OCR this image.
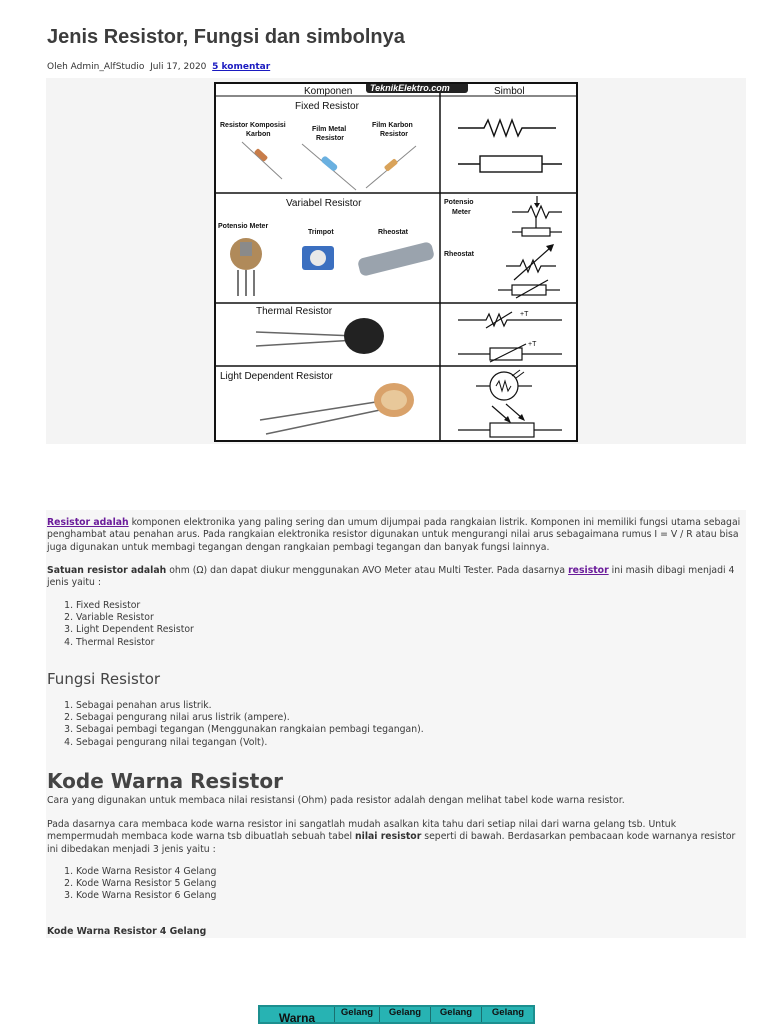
Jenis Resistor, Fungsi dan simbolnya
Oleh Admin_AlfStudio Juli 17, 2020 5 komentar
Komponen	Simbol
TeknikElektro.com
Fixed Resistor
Resistor Komposisi Karbon
Film Metal Resistor
Film Karbon Resistor
Variabel Resistor
Potensio Meter
Trimpot	Rheostat
Potensio Meter
Rheostat
Thermal Resistor	+T
+T
Light Dependent Resistor

Resistor adalah komponen elektronika yang paling sering dan umum dijumpai pada rangkaian listrik. Komponen ini memiliki fungsi utama sebagai penghambat atau penahan arus. Pada rangkaian elektronika resistor digunakan untuk mengurangi nilai arus sebagaimana rumus I = V / R atau bisa juga digunakan untuk membagi tegangan dengan rangkaian pembagi tegangan dan banyak fungsi lainnya.

Satuan resistor adalah ohm (Ω) dan dapat diukur menggunakan AVO Meter atau Multi Tester. Pada dasarnya resistor ini masih dibagi menjadi 4 jenis yaitu :

1. Fixed Resistor
2. Variable Resistor
3. Light Dependent Resistor
4. Thermal Resistor
Fungsi Resistor
1. Sebagai penahan arus listrik.
2. Sebagai pengurang nilai arus listrik (ampere).
3. Sebagai pembagi tegangan (Menggunakan rangkaian pembagi tegangan).
4. Sebagai pengurang nilai tegangan (Volt).
Kode Warna Resistor

Cara yang digunakan untuk membaca nilai resistansi (Ohm) pada resistor adalah dengan melihat tabel kode warna resistor.

Pada dasarnya cara membaca kode warna resistor ini sangatlah mudah asalkan kita tahu dari setiap nilai dari warna gelang tsb. Untuk mempermudah membaca kode warna tsb dibuatlah sebuah tabel nilai resistor seperti di bawah. Berdasarkan pembacaan kode warnanya resistor ini dibedakan menjadi 3 jenis yaitu :

1. Kode Warna Resistor 4 Gelang
2. Kode Warna Resistor 5 Gelang
3. Kode Warna Resistor 6 Gelang

Kode Warna Resistor 4 Gelang

Warna	Gelang	Gelang	Gelang	Gelang
